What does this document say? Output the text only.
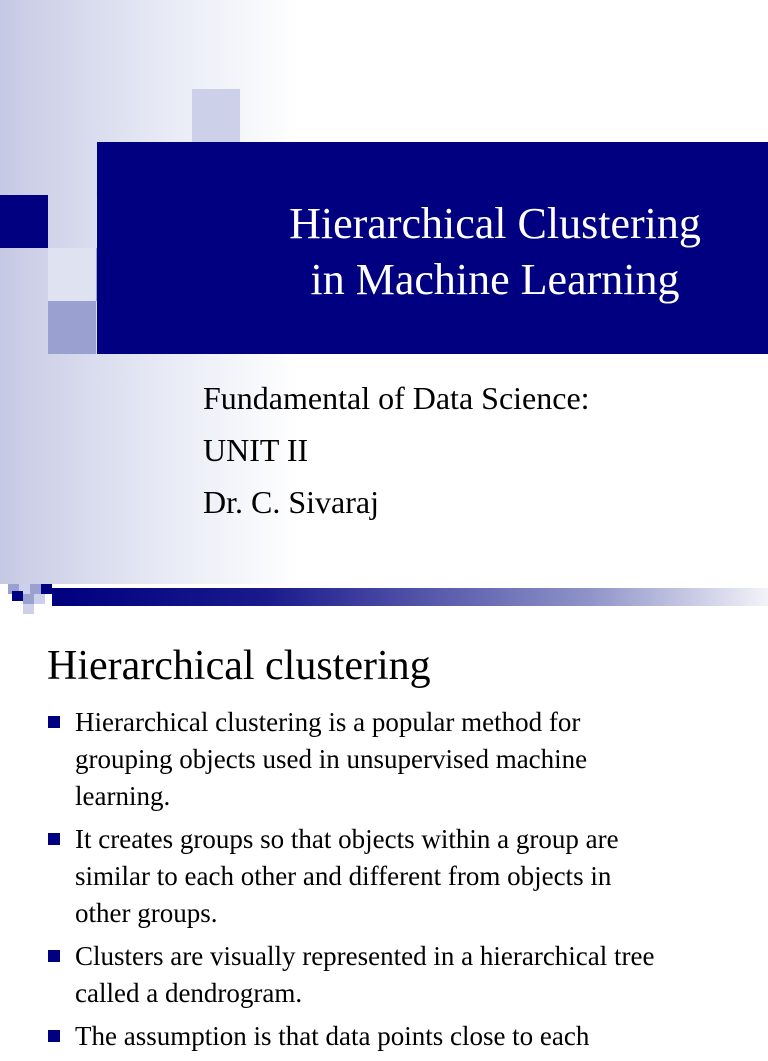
Hierarchical Clustering
in Machine Learning
Fundamental of Data Science:
UNIT II
Dr. C. Sivaraj
Hierarchical clustering
Hierarchical clustering is a popular method for
grouping objects used in unsupervised machine
learning.
It creates groups so that objects within a group are
similar to each other and different from objects in
other groups.
Clusters are visually represented in a hierarchical tree
called a dendrogram.
The assumption is that data points close to each
